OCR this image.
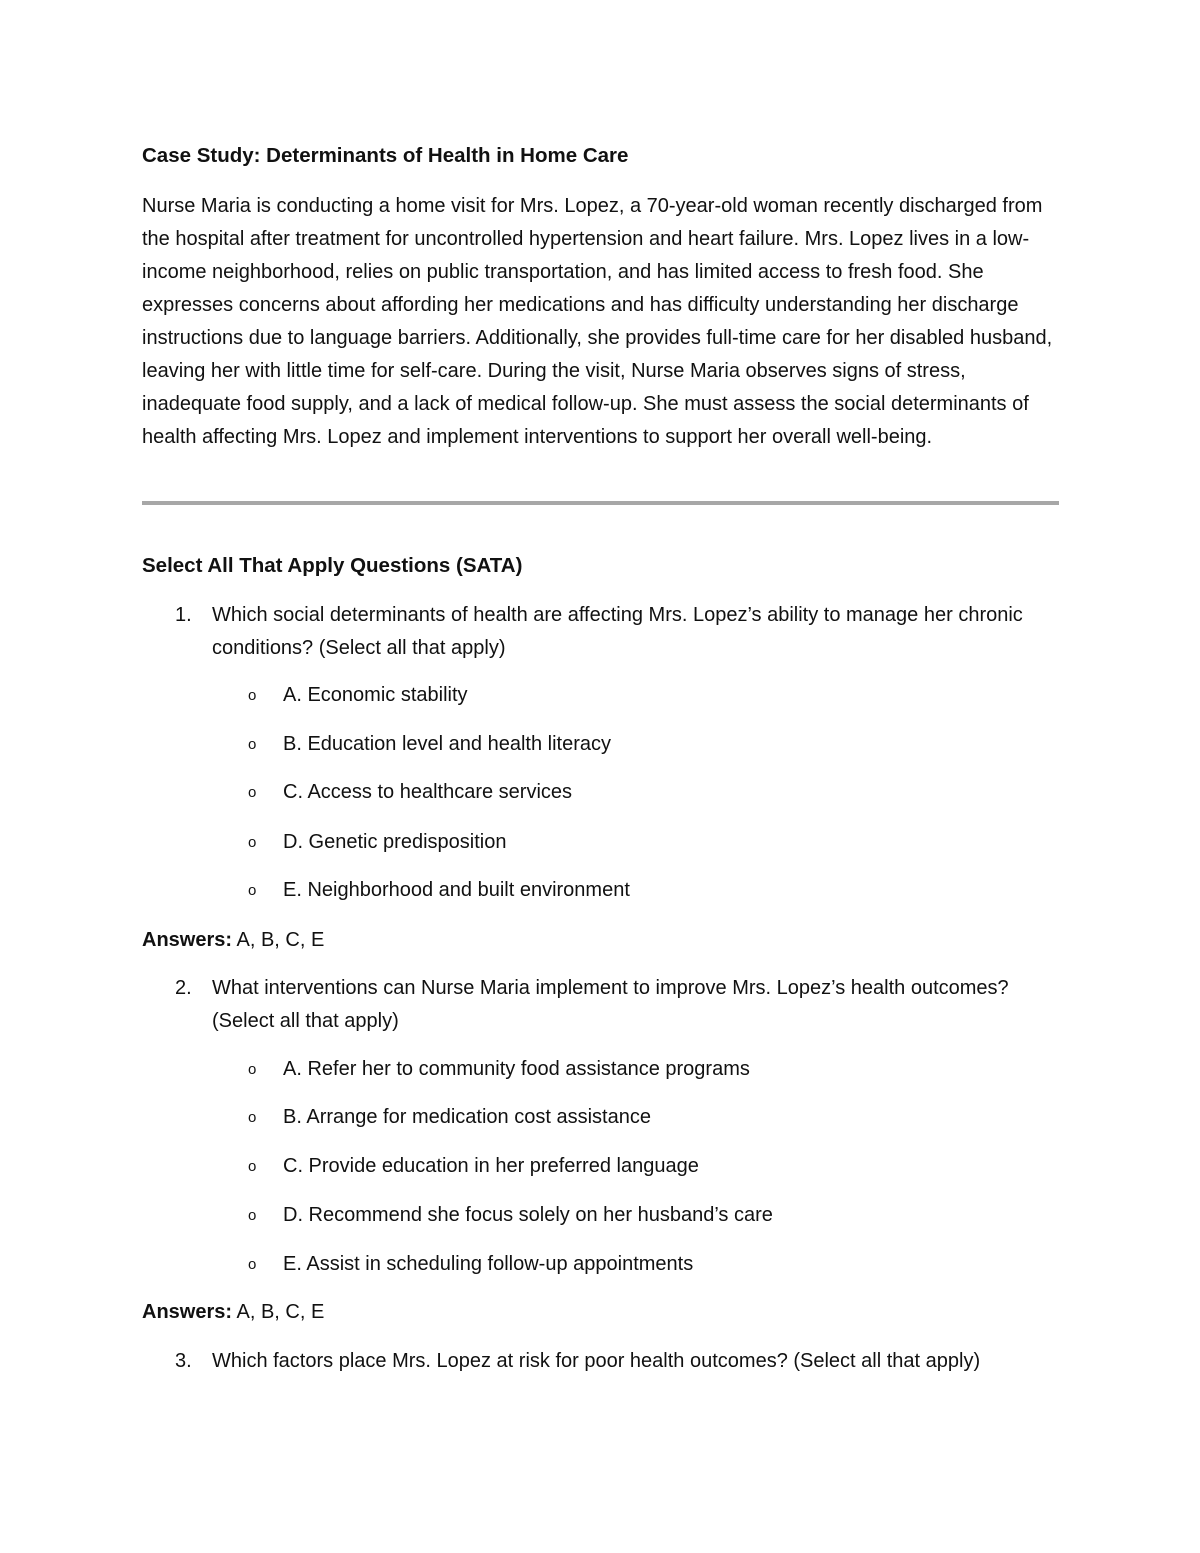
Case Study: Determinants of Health in Home Care
Nurse Maria is conducting a home visit for Mrs. Lopez, a 70-year-old woman recently discharged from the hospital after treatment for uncontrolled hypertension and heart failure. Mrs. Lopez lives in a low-income neighborhood, relies on public transportation, and has limited access to fresh food. She expresses concerns about affording her medications and has difficulty understanding her discharge instructions due to language barriers. Additionally, she provides full-time care for her disabled husband, leaving her with little time for self-care. During the visit, Nurse Maria observes signs of stress, inadequate food supply, and a lack of medical follow-up. She must assess the social determinants of health affecting Mrs. Lopez and implement interventions to support her overall well-being.
Select All That Apply Questions (SATA)
1. Which social determinants of health are affecting Mrs. Lopez’s ability to manage her chronic conditions? (Select all that apply)
o A. Economic stability
o B. Education level and health literacy
o C. Access to healthcare services
o D. Genetic predisposition
o E. Neighborhood and built environment
Answers: A, B, C, E
2. What interventions can Nurse Maria implement to improve Mrs. Lopez’s health outcomes? (Select all that apply)
o A. Refer her to community food assistance programs
o B. Arrange for medication cost assistance
o C. Provide education in her preferred language
o D. Recommend she focus solely on her husband’s care
o E. Assist in scheduling follow-up appointments
Answers: A, B, C, E
3. Which factors place Mrs. Lopez at risk for poor health outcomes? (Select all that apply)
